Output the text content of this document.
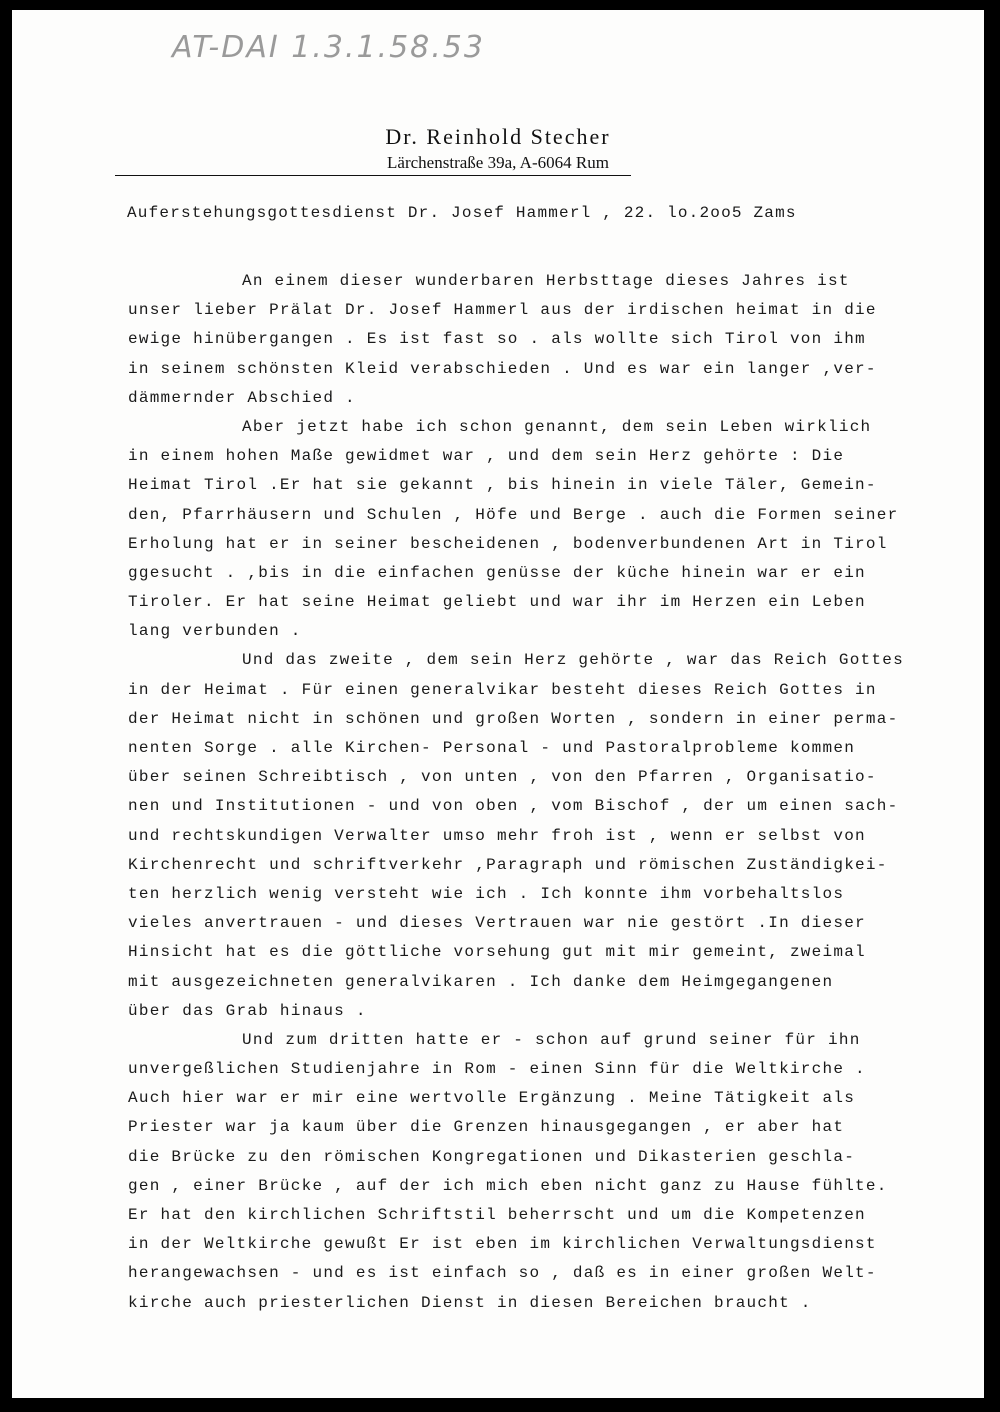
AT-DAI 1.3.1.58.53
Dr. Reinhold Stecher
Lärchenstraße 39a, A-6064 Rum
Auferstehungsgottesdienst Dr. Josef Hammerl , 22. lo.2oo5 Zams
An einem dieser wunderbaren Herbsttage dieses Jahres ist
unser lieber Prälat Dr. Josef Hammerl aus der irdischen heimat in die
ewige hinübergangen . Es ist fast so . als wollte sich Tirol von ihm
in seinem schönsten Kleid verabschieden . Und es war ein langer ,ver-
dämmernder Abschied .
Aber jetzt habe ich schon genannt, dem sein Leben wirklich
in einem hohen Maße gewidmet war , und dem sein Herz gehörte : Die
Heimat Tirol .Er hat sie gekannt , bis hinein in viele Täler, Gemein-
den, Pfarrhäusern und Schulen , Höfe und Berge . auch die Formen seiner
Erholung hat er in seiner bescheidenen , bodenverbundenen Art in Tirol
ggesucht . ,bis in die einfachen genüsse der küche hinein war er ein
Tiroler. Er hat seine Heimat geliebt und war ihr im Herzen ein Leben
lang verbunden .
Und das zweite , dem sein Herz gehörte , war das Reich Gottes
in der Heimat . Für einen generalvikar besteht dieses Reich Gottes in
der Heimat nicht in schönen und großen Worten , sondern in einer perma-
nenten Sorge . alle Kirchen- Personal - und Pastoralprobleme kommen
über seinen Schreibtisch , von unten , von den Pfarren , Organisatio-
nen und Institutionen - und von oben , vom Bischof , der um einen sach-
und rechtskundigen Verwalter umso mehr froh ist , wenn er selbst von
Kirchenrecht und schriftverkehr ,Paragraph und römischen Zuständigkei-
ten herzlich wenig versteht wie ich . Ich konnte ihm vorbehaltslos
vieles anvertrauen - und dieses Vertrauen war nie gestört .In dieser
Hinsicht hat es die göttliche vorsehung gut mit mir gemeint, zweimal
mit ausgezeichneten generalvikaren . Ich danke dem Heimgegangenen
über das Grab hinaus .
Und zum dritten hatte er - schon auf grund seiner für ihn
unvergeßlichen Studienjahre in Rom - einen Sinn für die Weltkirche .
Auch hier war er mir eine wertvolle Ergänzung . Meine Tätigkeit als
Priester war ja kaum über die Grenzen hinausgegangen , er aber hat
die Brücke zu den römischen Kongregationen und Dikasterien geschla-
gen , einer Brücke , auf der ich mich eben nicht ganz zu Hause fühlte.
Er hat den kirchlichen Schriftstil beherrscht und um die Kompetenzen
in der Weltkirche gewußt Er ist eben im kirchlichen Verwaltungsdienst
herangewachsen - und es ist einfach so , daß es in einer großen Welt-
kirche auch priesterlichen Dienst in diesen Bereichen braucht .
